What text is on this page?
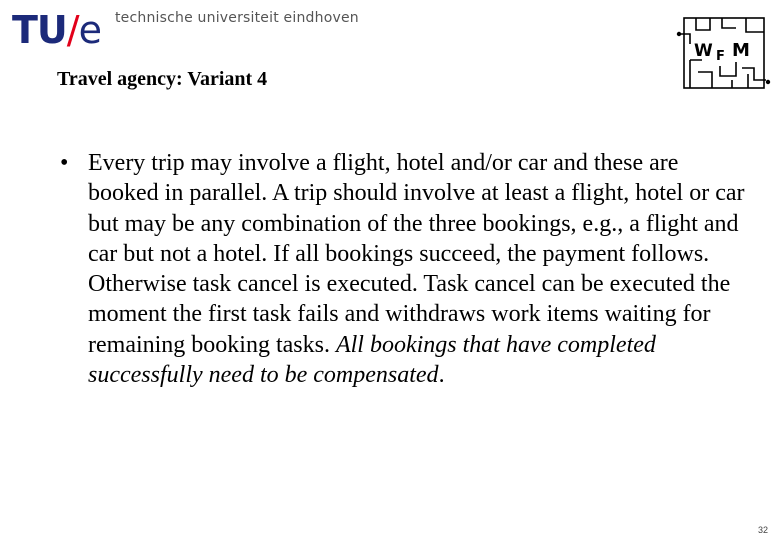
TU/e technische universiteit eindhoven
Travel agency: Variant 4
W F M
• Every trip may involve a flight, hotel and/or car and these are booked in parallel. A trip should involve at least a flight, hotel or car but may be any combination of the three bookings, e.g., a flight and car but not a hotel. If all bookings succeed, the payment follows. Otherwise task cancel is executed. Task cancel can be executed the moment the first task fails and withdraws work items waiting for remaining booking tasks. All bookings that have completed successfully need to be compensated.
32
